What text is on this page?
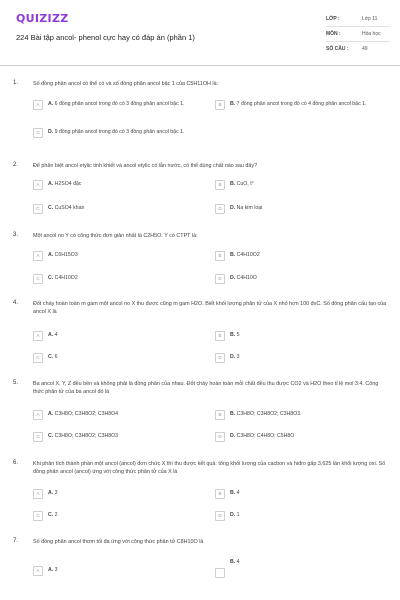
QUIZIZZ
224 Bài tập ancol- phenol cực hay có đáp án (phần 1)
LỚP :	Lớp 11
MÔN :	Hóa học
SỐ CÂU :	49
1.	Số đồng phân ancol có thể có và số đồng phân ancol bậc 1 của C5H11OH là:
A	A. 6 đồng phân ancol trong đó có 3 đồng phân ancol bậc 1.	B	B. 7 đồng phân ancol trong đó có 4 đồng phân ancol bậc 1.
C	D. 9 đồng phân ancol trong đó có 3 đồng phân ancol bậc 1.
2.	Để phân biệt ancol etylic tinh khiết và ancol etylic có lẫn nước, có thể dùng chất nào sau đây?
A	A. H2SO4 đặc	B	B. CuO, t°
C	C. CuSO4 khan	D	D. Na kim loại
3.	Một ancol no Y có công thức đơn giản nhất là C2H5O. Y có CTPT là:
A	A. C6H15O3	B	B. C4H10O2
C	C. C4H10O2	D	D. C4H10O
4.	Đốt cháy hoàn toàn m gam một ancol no X thu được cũng m gam H2O. Biết khối lượng phân tử của X nhỏ hơn 100 đvC. Số đồng phân cấu tạo của ancol X là
A	A. 4	B	B. 5
C	C. 6	D	D. 3
5.	Ba ancol X, Y, Z đều bền và không phải là đồng phân của nhau. Đốt cháy hoàn toàn mỗi chất đều thu được CO2 và H2O theo tỉ lệ mol 3:4. Công thức phân tử của ba ancol đó là
A	A. C3H8O; C3H8O2; C3H8O4	B	B. C3H8O; C3H8O2; C3H8O3.
C	C. C3H8O; C3H8O2; C3H8O3	D	D. C3H8O; C4H8O; C5H8O
6.	Khi phân tích thành phần một ancol (ancol) đơn chức X thì thu được kết quả: tổng khối lượng của cacbon và hiđro gấp 3,625 lần khối lượng oxi. Số đồng phân ancol (ancol) ứng với công thức phân tử của X là
A	A. 3	B	B. 4
C	C. 2	D	D. 1
7.	Số đồng phân ancol thơm tối đa ứng với công thức phân tử C8H10O là
A	A. 3
B. 4
